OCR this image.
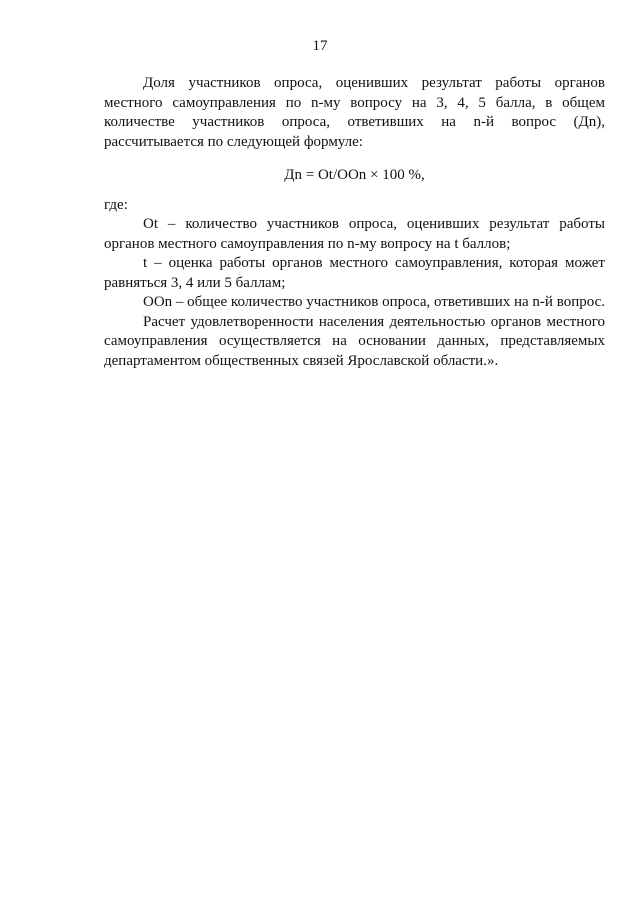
17

Доля участников опроса, оценивших результат работы органов местного самоуправления по n-му вопросу на 3, 4, 5 балла, в общем количестве участников опроса, ответивших на n-й вопрос (Дn), рассчитывается по следующей формуле:

Дn = Ot/OOn × 100 %,

где:

Ot – количество участников опроса, оценивших результат работы органов местного самоуправления по n-му вопросу на t баллов;

t – оценка работы органов местного самоуправления, которая может равняться 3, 4 или 5 баллам;

OOn – общее количество участников опроса, ответивших на n-й вопрос.

Расчет удовлетворенности населения деятельностью органов местного самоуправления осуществляется на основании данных, представляемых департаментом общественных связей Ярославской области.».
